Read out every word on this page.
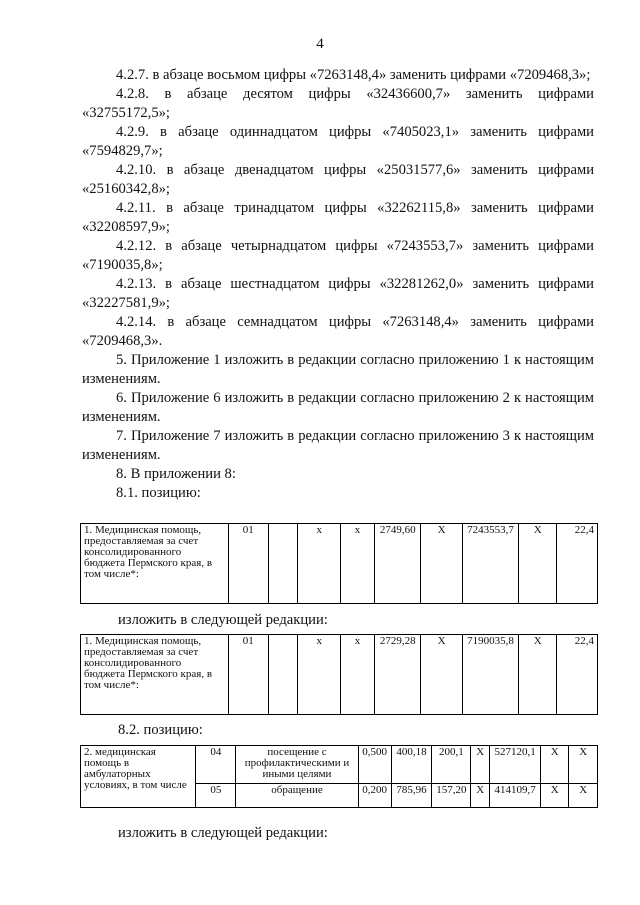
4

4.2.7. в абзаце восьмом цифры «7263148,4» заменить цифрами «7209468,3»;

4.2.8. в абзаце десятом цифры «32436600,7» заменить цифрами «32755172,5»;

4.2.9. в абзаце одиннадцатом цифры «7405023,1» заменить цифрами «7594829,7»;

4.2.10. в абзаце двенадцатом цифры «25031577,6» заменить цифрами «25160342,8»;

4.2.11. в абзаце тринадцатом цифры «32262115,8» заменить цифрами «32208597,9»;

4.2.12. в абзаце четырнадцатом цифры «7243553,7» заменить цифрами «7190035,8»;

4.2.13. в абзаце шестнадцатом цифры «32281262,0» заменить цифрами «32227581,9»;

4.2.14. в абзаце семнадцатом цифры «7263148,4» заменить цифрами «7209468,3».

5. Приложение 1 изложить в редакции согласно приложению 1 к настоящим изменениям.

6. Приложение 6 изложить в редакции согласно приложению 2 к настоящим изменениям.

7. Приложение 7 изложить в редакции согласно приложению 3 к настоящим изменениям.

8. В приложении 8:

8.1. позицию:

1. Медицинская помощь, предоставляемая за счет консолидированного бюджета Пермского края, в том числе*:	01		x	x	2749,60	X	7243553,7	X	22,4
изложить в следующей редакции:
1. Медицинская помощь, предоставляемая за счет консолидированного бюджета Пермского края, в том числе*:	01		x	x	2729,28	X	7190035,8	X	22,4
8.2. позицию:
2. медицинская помощь в амбулаторных условиях, в том числе	04	посещение с профилактическими и иными целями	0,500	400,18	200,1	X	527120,1	X	X
	05	обращение	0,200	785,96	157,20	X	414109,7	X	X
изложить в следующей редакции:
